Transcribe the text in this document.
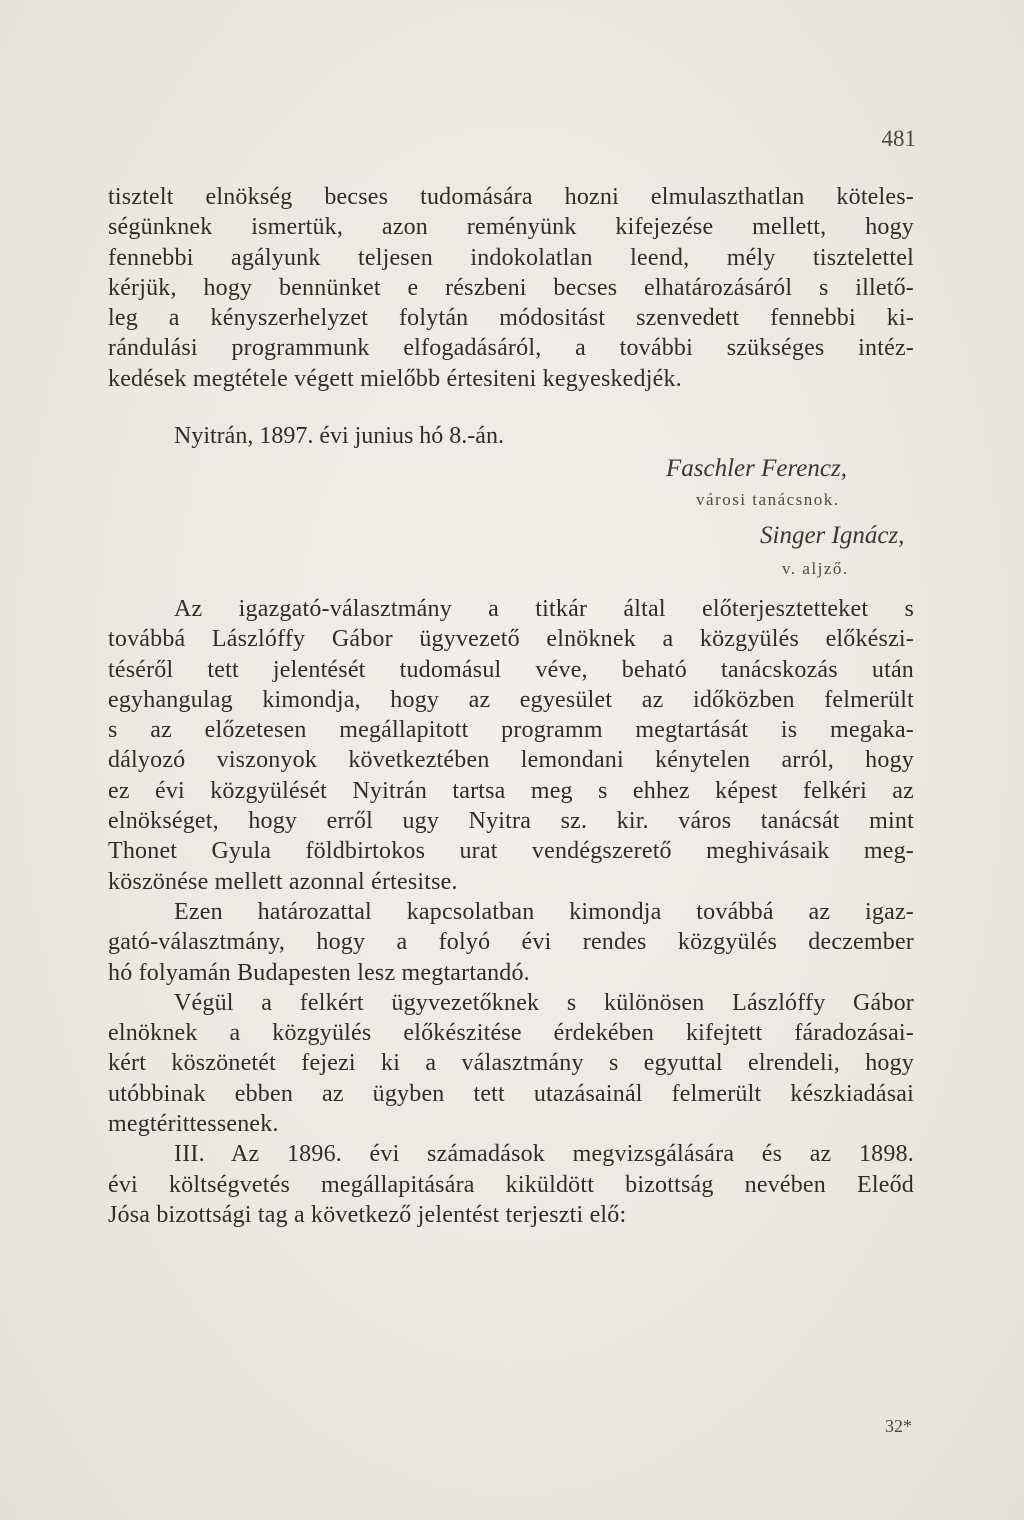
481

tisztelt elnökség becses tudomására hozni elmulaszthatlan köteles-

ségünknek ismertük, azon reményünk kifejezése mellett, hogy

fennebbi agályunk teljesen indokolatlan leend, mély tisztelettel

kérjük, hogy bennünket e részbeni becses elhatározásáról s illető-

leg a kényszerhelyzet folytán módositást szenvedett fennebbi ki-

rándulási programmunk elfogadásáról, a további szükséges intéz-

kedések megtétele végett mielőbb értesiteni kegyeskedjék.

Nyitrán, 1897. évi junius hó 8.-án.
Faschler Ferencz,
városi tanácsnok.
Singer Ignácz,
v. aljző.

Az igazgató-választmány a titkár által előterjesztetteket s

továbbá Lászlóffy Gábor ügyvezető elnöknek a közgyülés előkészi-

téséről tett jelentését tudomásul véve, beható tanácskozás után

egyhangulag kimondja, hogy az egyesület az időközben felmerült

s az előzetesen megállapitott programm megtartását is megaka-

dályozó viszonyok következtében lemondani kénytelen arról, hogy

ez évi közgyülését Nyitrán tartsa meg s ehhez képest felkéri az

elnökséget, hogy erről ugy Nyitra sz. kir. város tanácsát mint

Thonet Gyula földbirtokos urat vendégszerető meghivásaik meg-

köszönése mellett azonnal értesitse.

Ezen határozattal kapcsolatban kimondja továbbá az igaz-

gató-választmány, hogy a folyó évi rendes közgyülés deczember

hó folyamán Budapesten lesz megtartandó.

Végül a felkért ügyvezetőknek s különösen Lászlóffy Gábor

elnöknek a közgyülés előkészitése érdekében kifejtett fáradozásai-

kért köszönetét fejezi ki a választmány s egyuttal elrendeli, hogy

utóbbinak ebben az ügyben tett utazásainál felmerült készkiadásai

megtérittessenek.

III. Az 1896. évi számadások megvizsgálására és az 1898.

évi költségvetés megállapitására kiküldött bizottság nevében Eleőd

Jósa bizottsági tag a következő jelentést terjeszti elő:

32*
